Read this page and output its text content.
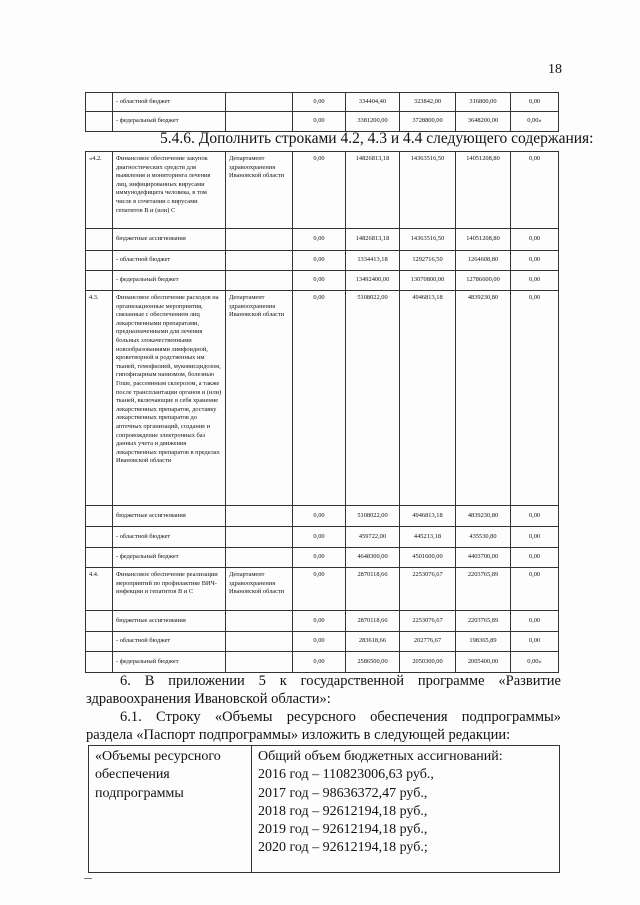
18
	- областной бюджет		0,00	334404,40	323842,00	316800,00	0,00
	- федеральный бюджет		0,00	3381200,00	3728800,00	3648200,00	0,00»
5.4.6. Дополнить строками 4.2, 4.3 и 4.4 следующего содержания:
«4.2.	Финансовое обеспечение закупок диагностических средств для выявления и мониторинга лечения лиц, инфицированных вирусами иммунодефицита человека, в том числе в сочетании с вирусами гепатитов В и (или) С	Департамент здравоохранения Ивановской области	0,00	14826813,18	14363516,50	14051208,80	0,00
	бюджетные ассигнования		0,00	14826813,18	14363516,50	14051208,80	0,00
	- областной бюджет		0,00	1334413,18	1292716,50	1264608,80	0,00
	- федеральный бюджет		0,00	13492400,00	13070800,00	12786600,00	0,00
4.3.	Финансовое обеспечение расходов на организационные мероприятия, связанные с обеспечением лиц лекарственными препаратами, предназначенными для лечения больных злокачественными новообразованиями лимфоидной, кроветворной и родственных им тканей, гемофилией, муковисцидозом, гипофизарным нанизмом, болезнью Гоше, рассеянным склерозом, а также после трансплантации органов и (или) тканей, включающие в себя хранение лекарственных препаратов, доставку лекарственных препаратов до аптечных организаций, создание и сопровождение электронных баз данных учета и движения лекарственных препаратов в пределах Ивановской области	Департамент здравоохранения Ивановской области	0,00	5108022,00	4946813,18	4839230,80	0,00
	бюджетные ассигнования		0,00	5108022,00	4946813,18	4839230,80	0,00
	- областной бюджет		0,00	459722,00	445213,18	435530,80	0,00
	- федеральный бюджет		0,00	4648300,00	4501600,00	4403700,00	0,00
4.4.	Финансовое обеспечение реализации мероприятий по профилактике ВИЧ-инфекции и гепатитов В и С	Департамент здравоохранения Ивановской области	0,00	2870118,66	2253076,67	2203765,89	0,00
	бюджетные ассигнования		0,00	2870118,66	2253076,67	2203765,89	0,00
	- областной бюджет		0,00	283618,66	202776,67	198365,89	0,00
	- федеральный бюджет		0,00	2586500,00	2050300,00	2005400,00	0,00»
6. В приложении 5 к государственной программе «Развитие
здравоохранения Ивановской области»:
6.1. Строку «Объемы ресурсного обеспечения подпрограммы»
раздела «Паспорт подпрограммы» изложить в следующей редакции:
«Объемы ресурсного обеспечения подпрограммы	
Общий объем бюджетных ассигнований:
2016 год – 110823006,63 руб.,
2017 год – 98636372,47 руб.,
2018 год – 92612194,18 руб.,
2019 год – 92612194,18 руб.,
2020 год – 92612194,18 руб.;
